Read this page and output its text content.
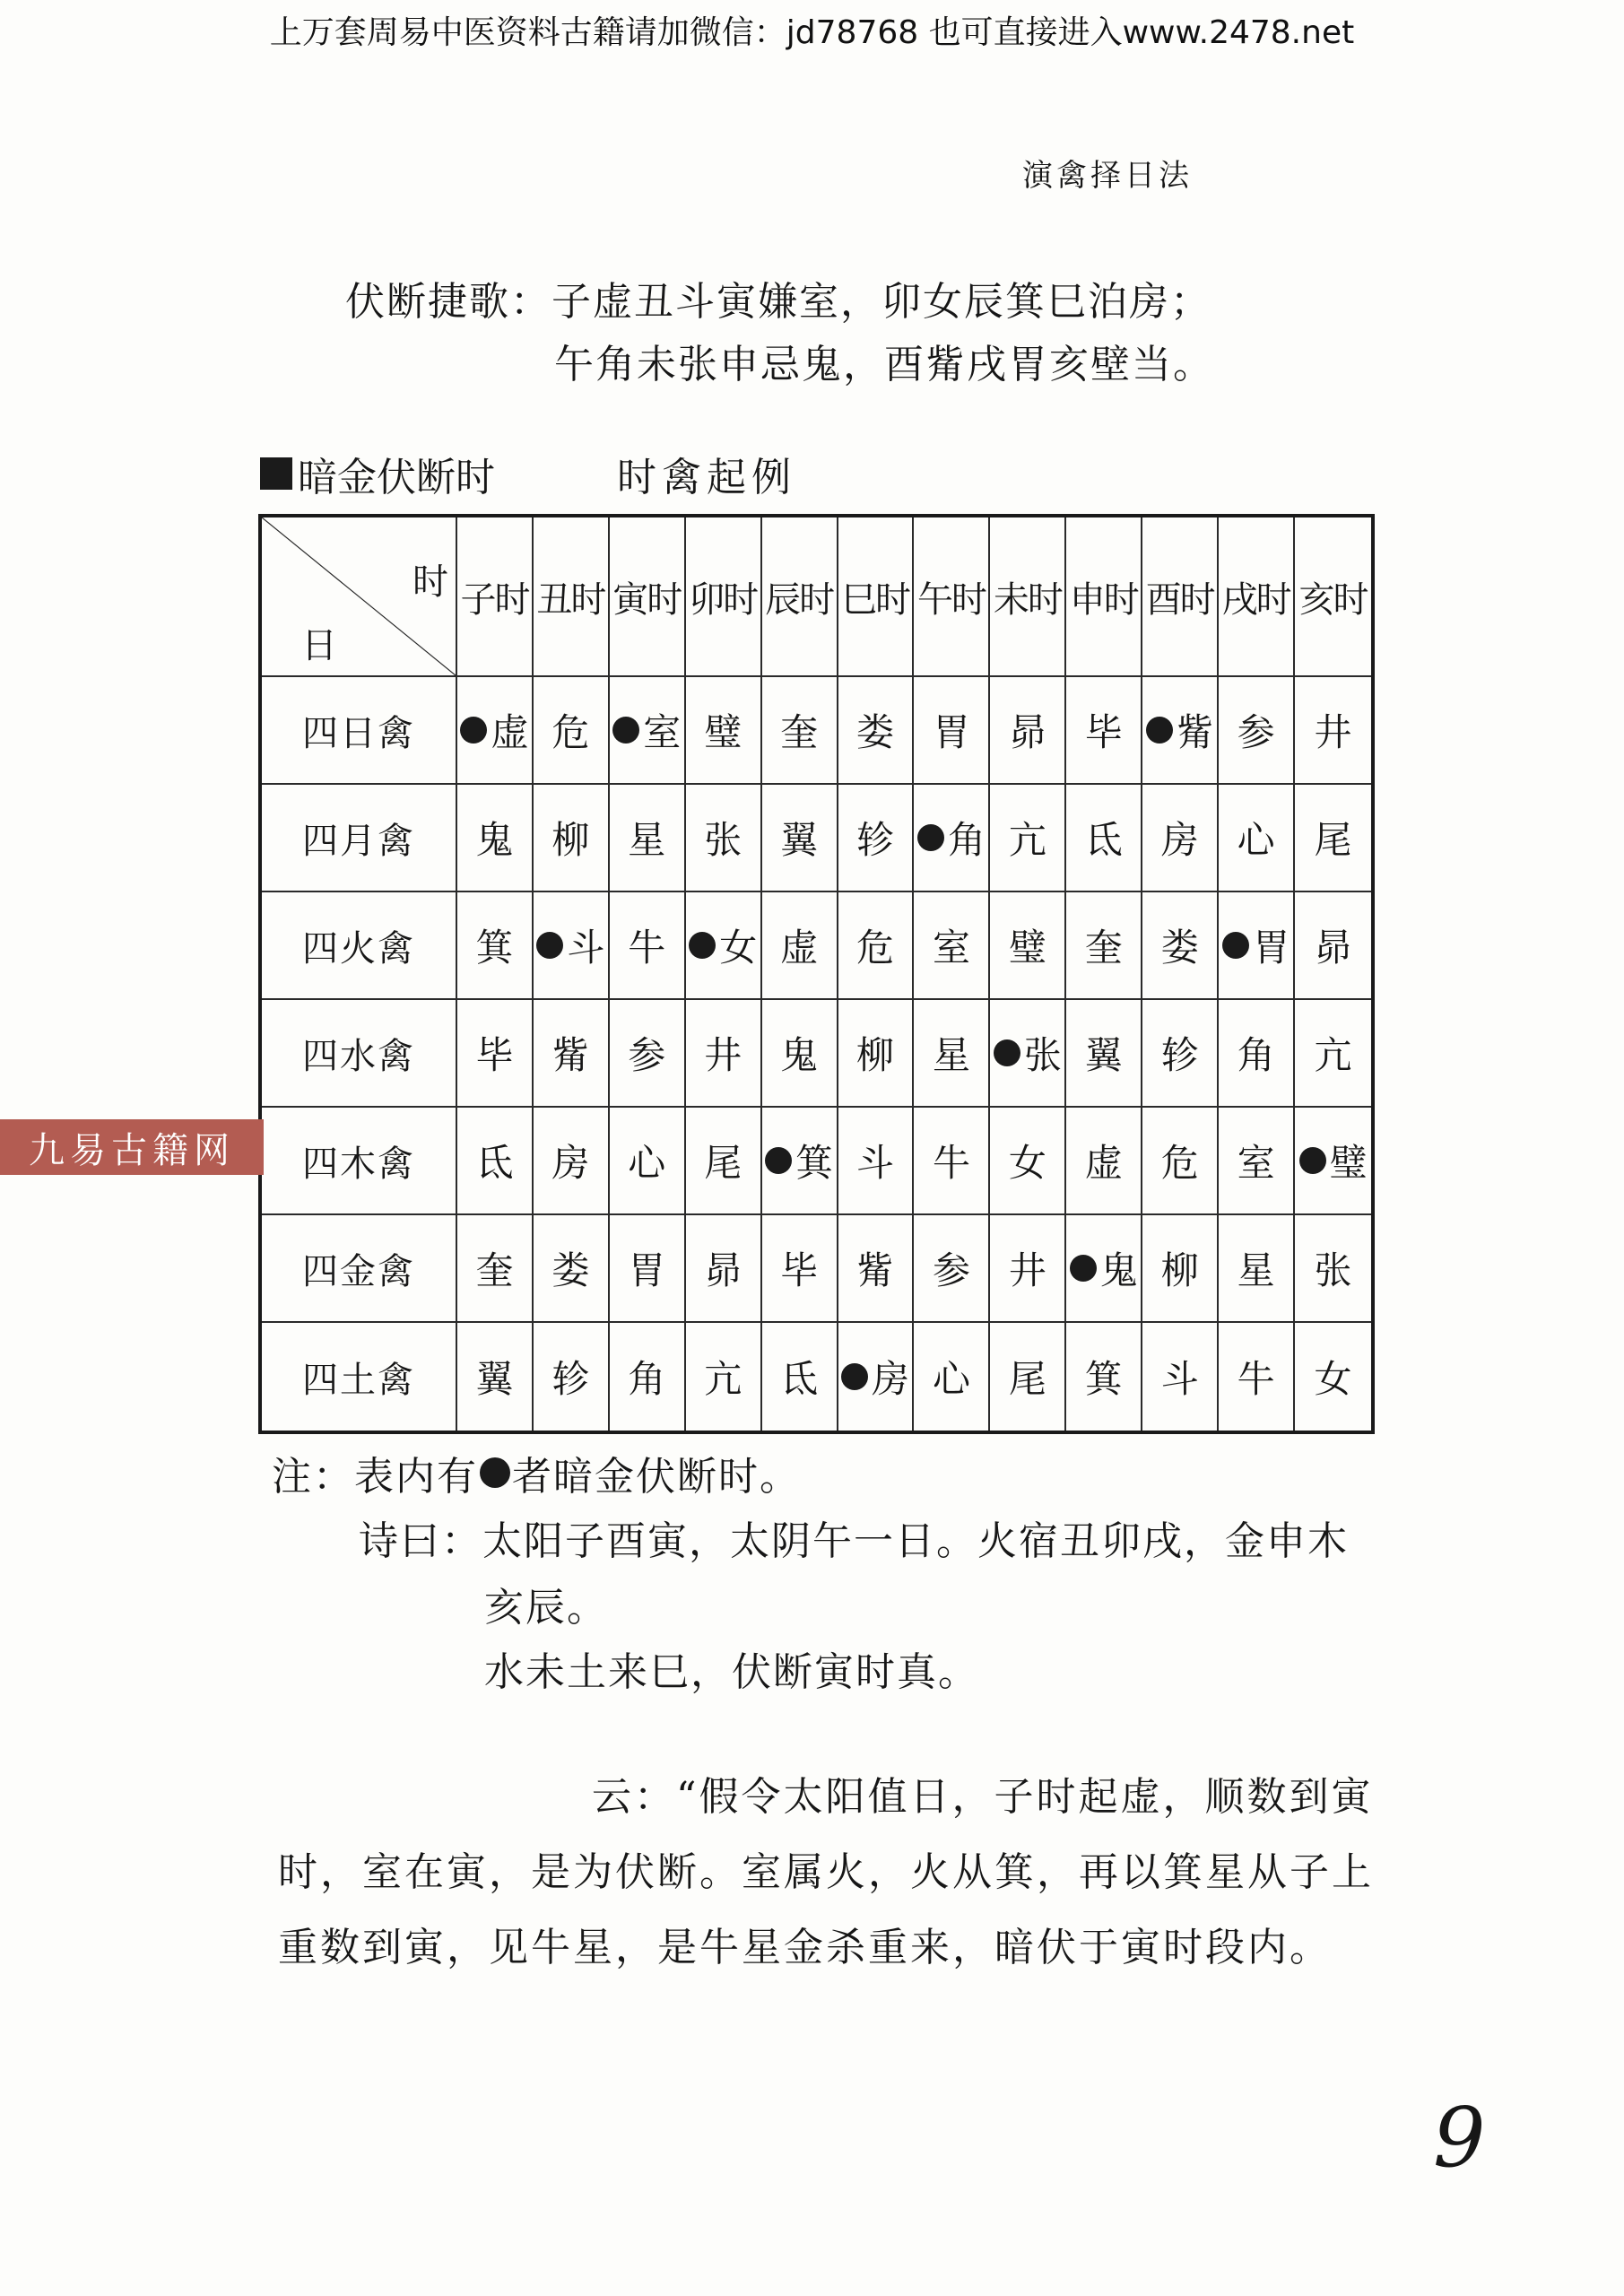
上万套周易中医资料古籍请加微信：jd78768 也可直接进入www.2478.net
演禽择日法
伏断捷歌：子虚丑斗寅嫌室，卯女辰箕巳泊房；
午角未张申忌鬼，酉觜戌胃亥壁当。
暗金伏断时	时禽起例
时
日
子时 丑时 寅时 卯时 辰时 巳时 午时 未时 申时 酉时 戌时 亥时
四日禽	虚 危 室 璧 奎 娄 胃 昴 毕 觜 参 井
四月禽	鬼 柳 星 张 翼 轸 角 亢 氐 房 心 尾
四火禽	箕 斗 牛 女 虚 危 室 璧 奎 娄 胃 昴
四水禽	毕 觜 参 井 鬼 柳 星 张 翼 轸 角 亢
四木禽	氐 房 心 尾 箕 斗 牛 女 虚 危 室 璧
四金禽	奎 娄 胃 昴 毕 觜 参 井 鬼 柳 星 张
四土禽	翼 轸 角 亢 氐 房 心 尾 箕 斗 牛 女
注：表内有 者暗金伏断时。
诗曰：太阳子酉寅，太阴午一日。火宿丑卯戌，金申木
亥辰。
水未土来巳，伏断寅时真。
云：“假令太阳值日，子时起虚，顺数到寅
时，室在寅，是为伏断。室属火，火从箕，再以箕星从子上
重数到寅，见牛星，是牛星金杀重来，暗伏于寅时段内。
9
九易古籍网
